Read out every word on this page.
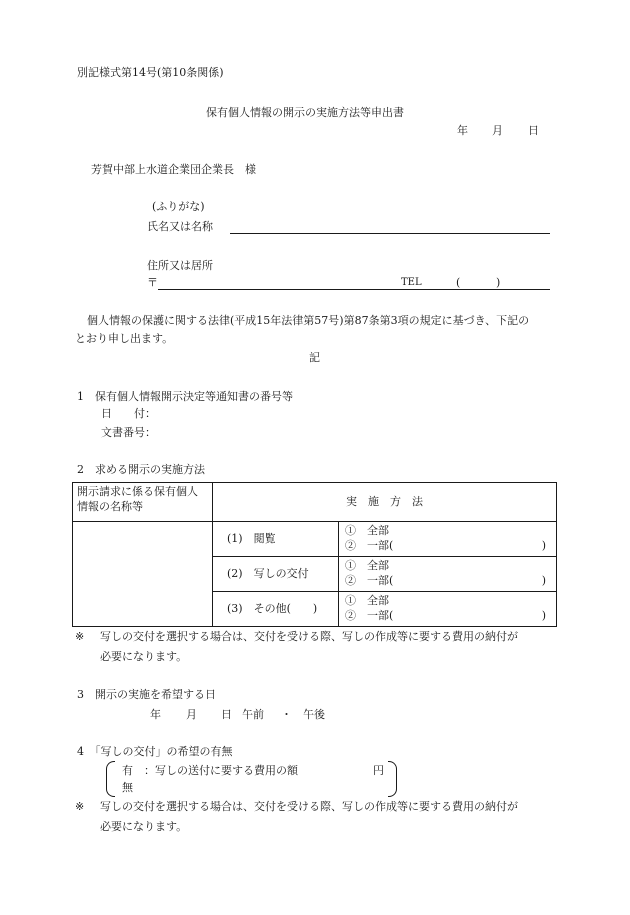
別記様式第14号(第10条関係)
保有個人情報の開示の実施方法等申出書
年 月 日
芳賀中部上水道企業団企業長　様
(ふりがな)
氏名又は名称
住所又は居所
〒	TEL	(	)
個人情報の保護に関する法律(平成15年法律第57号)第87条第3項の規定に基づき、下記の
とおり申し出ます。
記
1　保有個人情報開示決定等通知書の番号等
日　　付：
文書番号：
2　求める開示の実施方法
開示請求に係る保有個人情報の名称等	実　施　方　法	
	(1)　閲覧	①　全部
②　一部( )

	(2)　写しの交付	①　全部
②　一部( )

	(3)　その他(　　)	①　全部
②　一部( )
※ 写しの交付を選択する場合は、交付を受ける際、写しの作成等に要する費用の納付が
必要になります。
3　開示の実施を希望する日
年 月 日 午前 ・ 午後
4　「写しの交付」の希望の有無
有　：写しの送付に要する費用の額	円
無
※ 写しの交付を選択する場合は、交付を受ける際、写しの作成等に要する費用の納付が
必要になります。
